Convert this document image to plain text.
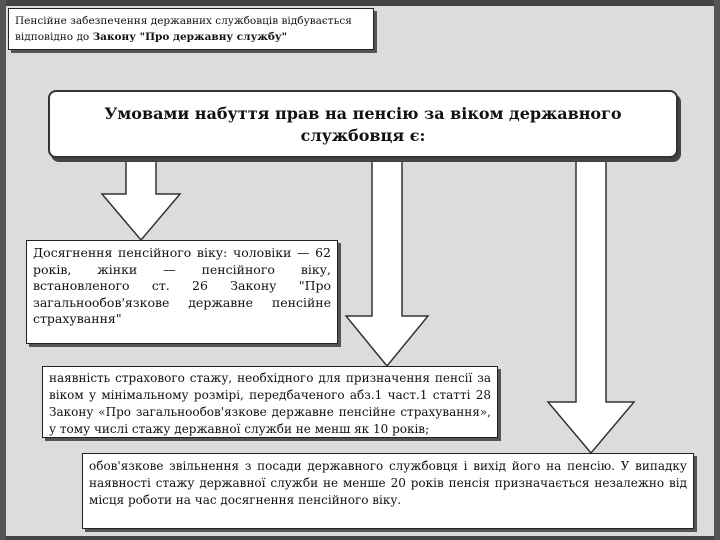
Пенсійне забезпечення державних службовців відбувається відповідно до Закону "Про державну службу"
Умовами набуття прав на пенсію за віком державного
службовця є:
Досягнення пенсійного віку: чоловіки — 62 років, жінки — пенсійного віку, встановленого ст. 26 Закону "Про загальнообов'язкове державне пенсійне страхування"
наявність страхового стажу, необхідного для призначення пенсії за віком у мінімальному розмірі, передбаченого абз.1 част.1 статті 28 Закону «Про загальнообов'язкове державне пенсійне страхування», у тому числі стажу державної служби не менш як 10 років;
обов'язкове звільнення з посади державного службовця і вихід його на пенсію. У випадку наявності стажу державної служби не менше 20 років пенсія призначається незалежно від місця роботи на час досягнення пенсійного віку.
